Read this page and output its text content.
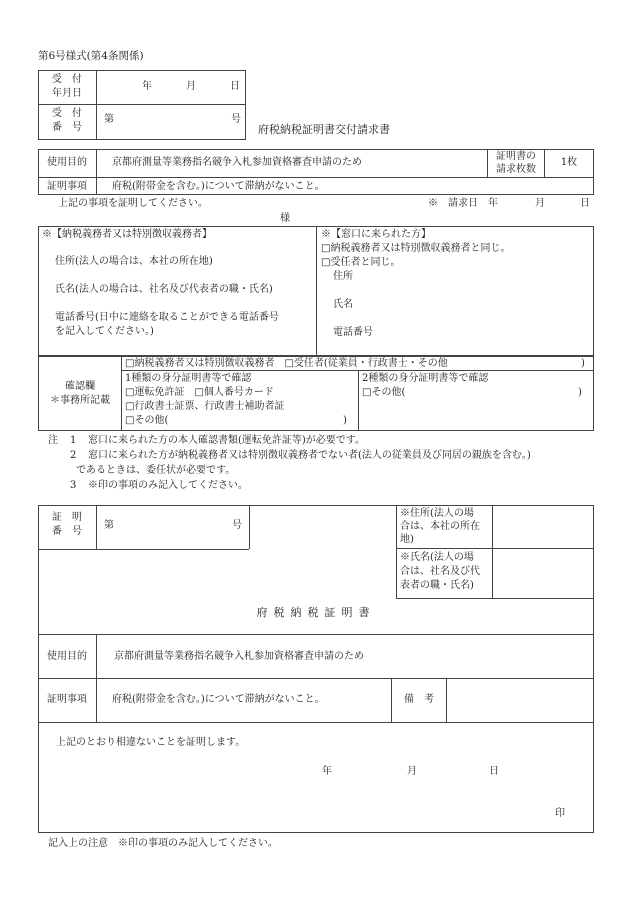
第6号様式(第4条関係)
受　付
年月日
年	月	日
受　付
番　号
第	号
府税納税証明書交付請求書
使用目的	京都府測量等業務指名競争入札参加資格審査申請のため
証明書の
請求枚数
1枚
証明事項	府税(附帯金を含む。)について滞納がないこと。
上記の事項を証明してください。	※　請求日 年	月	日
様
※【納税義務者又は特別徴収義務者】
住所(法人の場合は、本社の所在地)
氏名(法人の場合は、社名及び代表者の職・氏名)
電話番号(日中に連絡を取ることができる電話番号
を記入してください。)
※【窓口に来られた方】
□納税義務者又は特別徴収義務者と同じ。
□受任者と同じ。
住所
氏名
電話番号
確認欄
＊事務所記載
□納税義務者又は特別徴収義務者　□受任者(従業員・行政書士・その他	)
1種類の身分証明書等で確認
□運転免許証　□個人番号カード
□行政書士証票、行政書士補助者証
□その他(	)
2種類の身分証明書等で確認
□その他(	)
注 1 窓口に来られた方の本人確認書類(運転免許証等)が必要です。
2 窓口に来られた方が納税義務者又は特別徴収義務者でない者(法人の従業員及び同居の親族を含む。)
であるときは、委任状が必要です。
3 ※印の事項のみ記入してください。
証　明
番　号
第	号
※住所(法人の場
合は、本社の所在
地)
※氏名(法人の場
合は、社名及び代
表者の職・氏名)
府税納税証明書
使用目的	京都府測量等業務指名競争入札参加資格審査申請のため
証明事項	府税(附帯金を含む。)について滞納がないこと。	備　考
上記のとおり相違ないことを証明します。
年	月	日
印
記入上の注意　※印の事項のみ記入してください。
